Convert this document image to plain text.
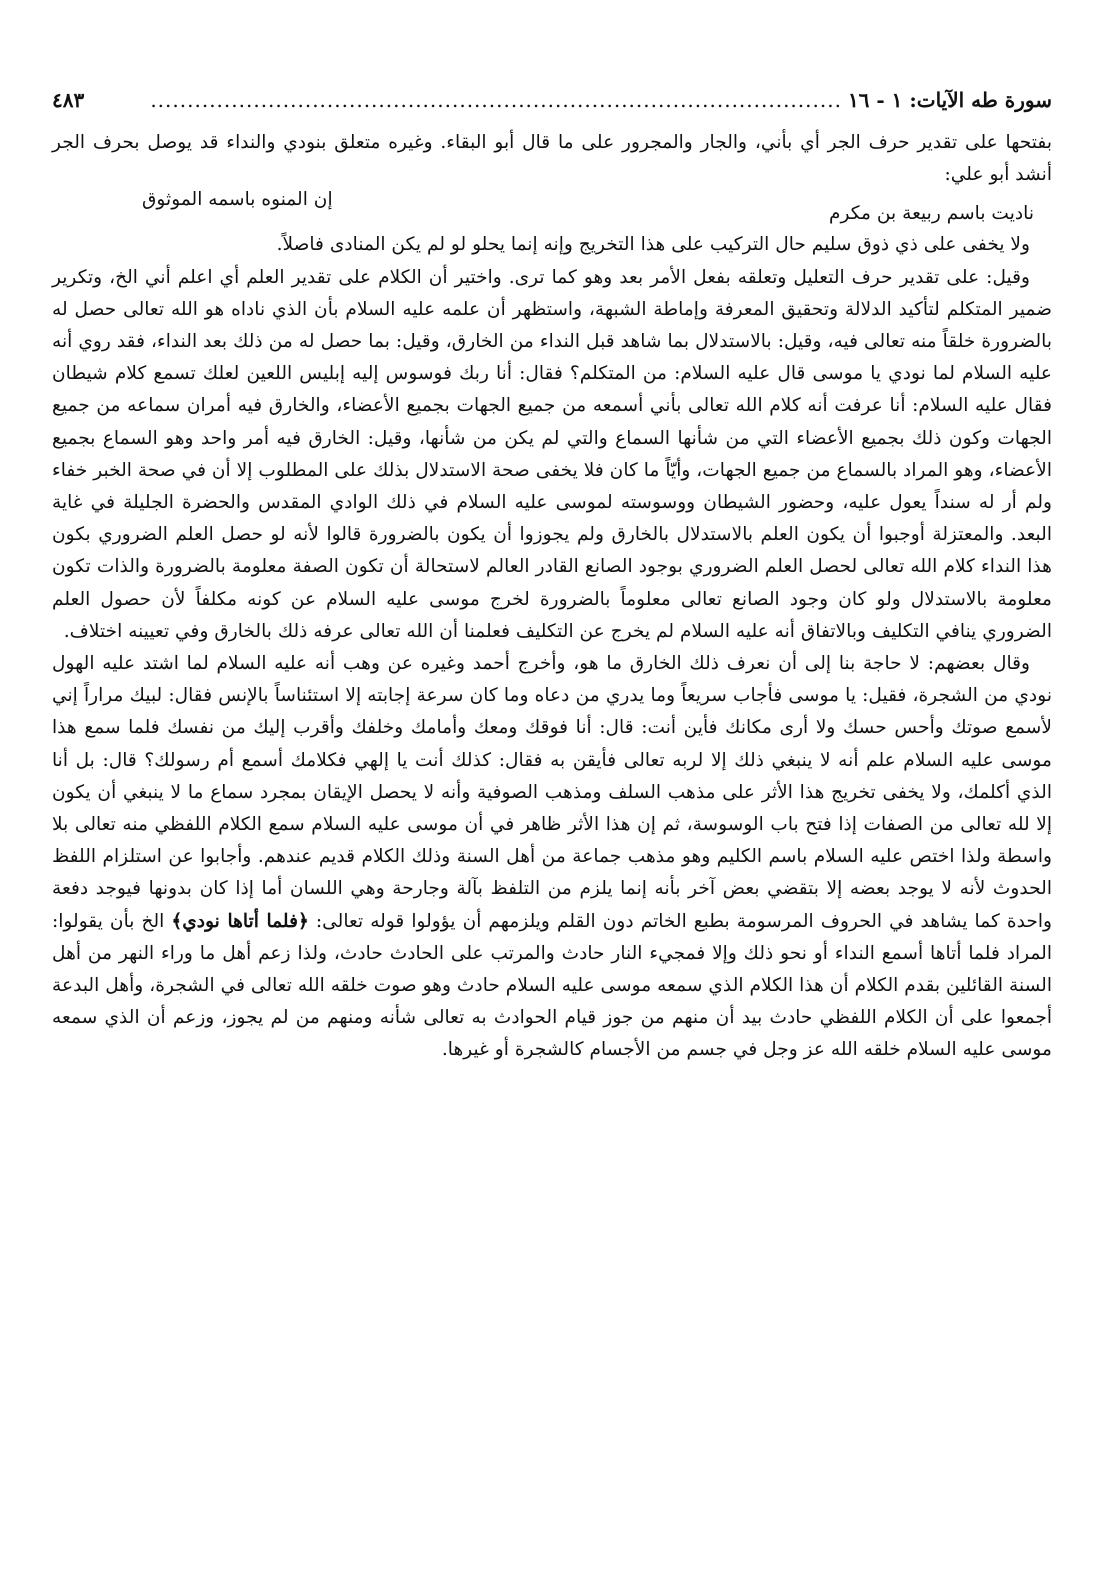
سورة طه الآيات: ١ - ١٦
..............................................................................................
٤٨٣

بفتحها على تقدير حرف الجر أي بأني، والجار والمجرور على ما قال أبو البقاء. وغيره متعلق بنودي والنداء قد يوصل بحرف الجر أنشد أبو علي:

ناديت باسم ربيعة بن مكرم
إن المنوه باسمه الموثوق

ولا يخفى على ذي ذوق سليم حال التركيب على هذا التخريج وإنه إنما يحلو لو لم يكن المنادى فاصلاً.

وقيل: على تقدير حرف التعليل وتعلقه بفعل الأمر بعد وهو كما ترى. واختير أن الكلام على تقدير العلم أي اعلم أني الخ، وتكرير ضمير المتكلم لتأكيد الدلالة وتحقيق المعرفة وإماطة الشبهة، واستظهر أن علمه عليه السلام بأن الذي ناداه هو الله تعالى حصل له بالضرورة خلقاً منه تعالى فيه، وقيل: بالاستدلال بما شاهد قبل النداء من الخارق، وقيل: بما حصل له من ذلك بعد النداء، فقد روي أنه عليه السلام لما نودي يا موسى قال عليه السلام: من المتكلم؟ فقال: أنا ربك فوسوس إليه إبليس اللعين لعلك تسمع كلام شيطان فقال عليه السلام: أنا عرفت أنه كلام الله تعالى بأني أسمعه من جميع الجهات بجميع الأعضاء، والخارق فيه أمران سماعه من جميع الجهات وكون ذلك بجميع الأعضاء التي من شأنها السماع والتي لم يكن من شأنها، وقيل: الخارق فيه أمر واحد وهو السماع بجميع الأعضاء، وهو المراد بالسماع من جميع الجهات، وأيّاً ما كان فلا يخفى صحة الاستدلال بذلك على المطلوب إلا أن في صحة الخبر خفاء ولم أر له سنداً يعول عليه، وحضور الشيطان ووسوسته لموسى عليه السلام في ذلك الوادي المقدس والحضرة الجليلة في غاية البعد. والمعتزلة أوجبوا أن يكون العلم بالاستدلال بالخارق ولم يجوزوا أن يكون بالضرورة قالوا لأنه لو حصل العلم الضروري بكون هذا النداء كلام الله تعالى لحصل العلم الضروري بوجود الصانع القادر العالم لاستحالة أن تكون الصفة معلومة بالضرورة والذات تكون معلومة بالاستدلال ولو كان وجود الصانع تعالى معلوماً بالضرورة لخرج موسى عليه السلام عن كونه مكلفاً لأن حصول العلم الضروري ينافي التكليف وبالاتفاق أنه عليه السلام لم يخرج عن التكليف فعلمنا أن الله تعالى عرفه ذلك بالخارق وفي تعيينه اختلاف.

وقال بعضهم: لا حاجة بنا إلى أن نعرف ذلك الخارق ما هو، وأخرج أحمد وغيره عن وهب أنه عليه السلام لما اشتد عليه الهول نودي من الشجرة، فقيل: يا موسى فأجاب سريعاً وما يدري من دعاه وما كان سرعة إجابته إلا استئناساً بالإنس فقال: لبيك مراراً إني لأسمع صوتك وأحس حسك ولا أرى مكانك فأين أنت: قال: أنا فوقك ومعك وأمامك وخلفك وأقرب إليك من نفسك فلما سمع هذا موسى عليه السلام علم أنه لا ينبغي ذلك إلا لربه تعالى فأيقن به فقال: كذلك أنت يا إلهي فكلامك أسمع أم رسولك؟ قال: بل أنا الذي أكلمك، ولا يخفى تخريج هذا الأثر على مذهب السلف ومذهب الصوفية وأنه لا يحصل الإيقان بمجرد سماع ما لا ينبغي أن يكون إلا لله تعالى من الصفات إذا فتح باب الوسوسة، ثم إن هذا الأثر ظاهر في أن موسى عليه السلام سمع الكلام اللفظي منه تعالى بلا واسطة ولذا اختص عليه السلام باسم الكليم وهو مذهب جماعة من أهل السنة وذلك الكلام قديم عندهم. وأجابوا عن استلزام اللفظ الحدوث لأنه لا يوجد بعضه إلا بتقضي بعض آخر بأنه إنما يلزم من التلفظ بآلة وجارحة وهي اللسان أما إذا كان بدونها فيوجد دفعة واحدة كما يشاهد في الحروف المرسومة بطبع الخاتم دون القلم ويلزمهم أن يؤولوا قوله تعالى: ﴿فلما أتاها نودي﴾ الخ بأن يقولوا: المراد فلما أتاها أسمع النداء أو نحو ذلك وإلا فمجيء النار حادث والمرتب على الحادث حادث، ولذا زعم أهل ما وراء النهر من أهل السنة القائلين بقدم الكلام أن هذا الكلام الذي سمعه موسى عليه السلام حادث وهو صوت خلقه الله تعالى في الشجرة، وأهل البدعة أجمعوا على أن الكلام اللفظي حادث بيد أن منهم من جوز قيام الحوادث به تعالى شأنه ومنهم من لم يجوز، وزعم أن الذي سمعه موسى عليه السلام خلقه الله عز وجل في جسم من الأجسام كالشجرة أو غيرها.
